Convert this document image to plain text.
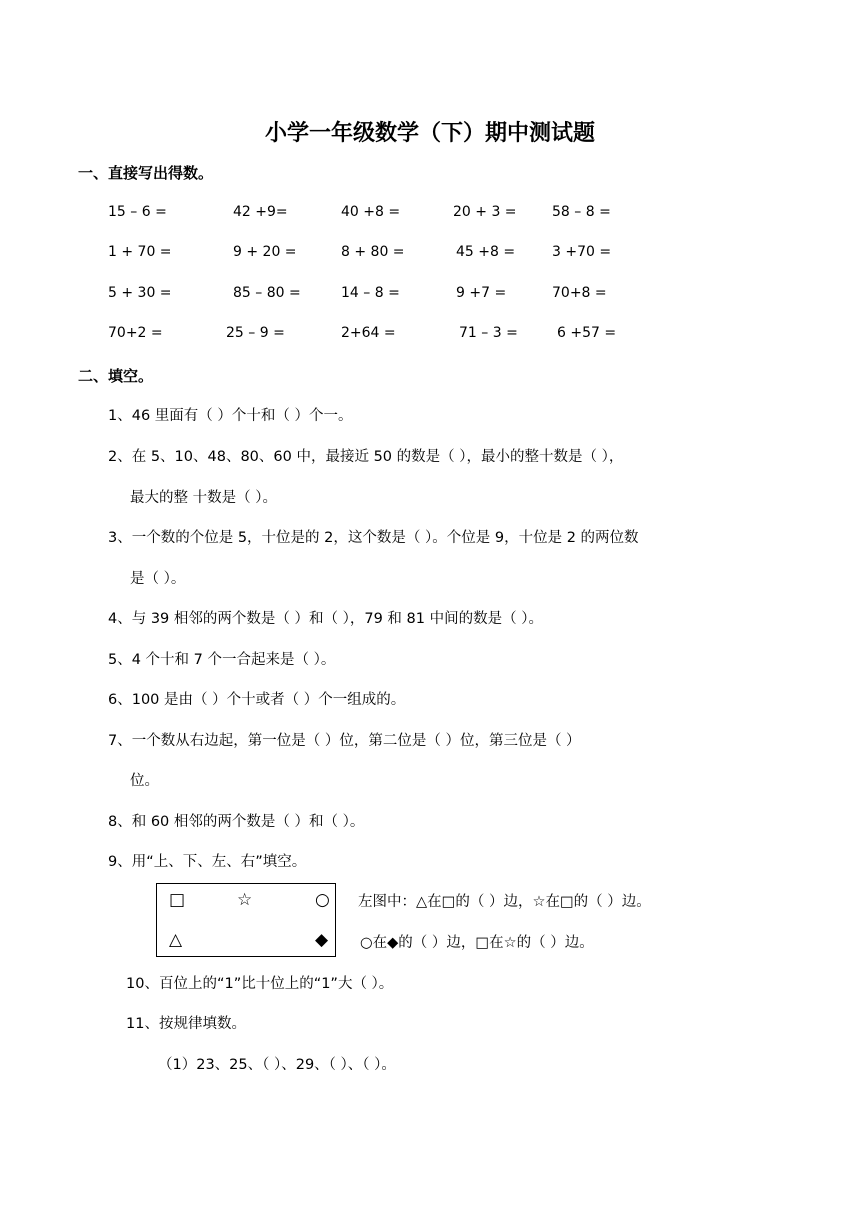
小学一年级数学（下）期中测试题
一、直接写出得数。
15 – 6 =	42 +9=	40 +8 =	20 + 3 =	58 – 8 =
1 + 70 =	9 + 20 =	8 + 80 =	45 +8 =	3 +70 =
5 + 30 =	85 – 80 =	14 – 8 =	9 +7 =	70+8 =
70+2 =	25 – 9 =	2+64 =	71 – 3 =	6 +57 =
二、填空。
1、46 里面有（ ）个十和（ ）个一。
2、在 5、10、48、80、60 中，最接近 50 的数是（ ），最小的整十数是（ ），
最大的整 十数是（ ）。
3、一个数的个位是 5，十位是的 2，这个数是（ ）。个位是 9，十位是 2 的两位数
是（ ）。
4、与 39 相邻的两个数是（ ）和（ ），79 和 81 中间的数是（ ）。
5、4 个十和 7 个一合起来是（ ）。
6、100 是由（ ）个十或者（ ）个一组成的。
7、一个数从右边起，第一位是（ ）位，第二位是（ ）位，第三位是（ ）
位。
8、和 60 相邻的两个数是（ ）和（ ）。
9、用“上、下、左、右”填空。
□	☆	○
△	◆
左图中：△在□的（ ）边，☆在□的（ ）边。
○在◆的（ ）边，□在☆的（ ）边。
10、百位上的“1”比十位上的“1”大（ ）。
11、按规律填数。
（1）23、25、（ ）、29、（ ）、（ ）。
